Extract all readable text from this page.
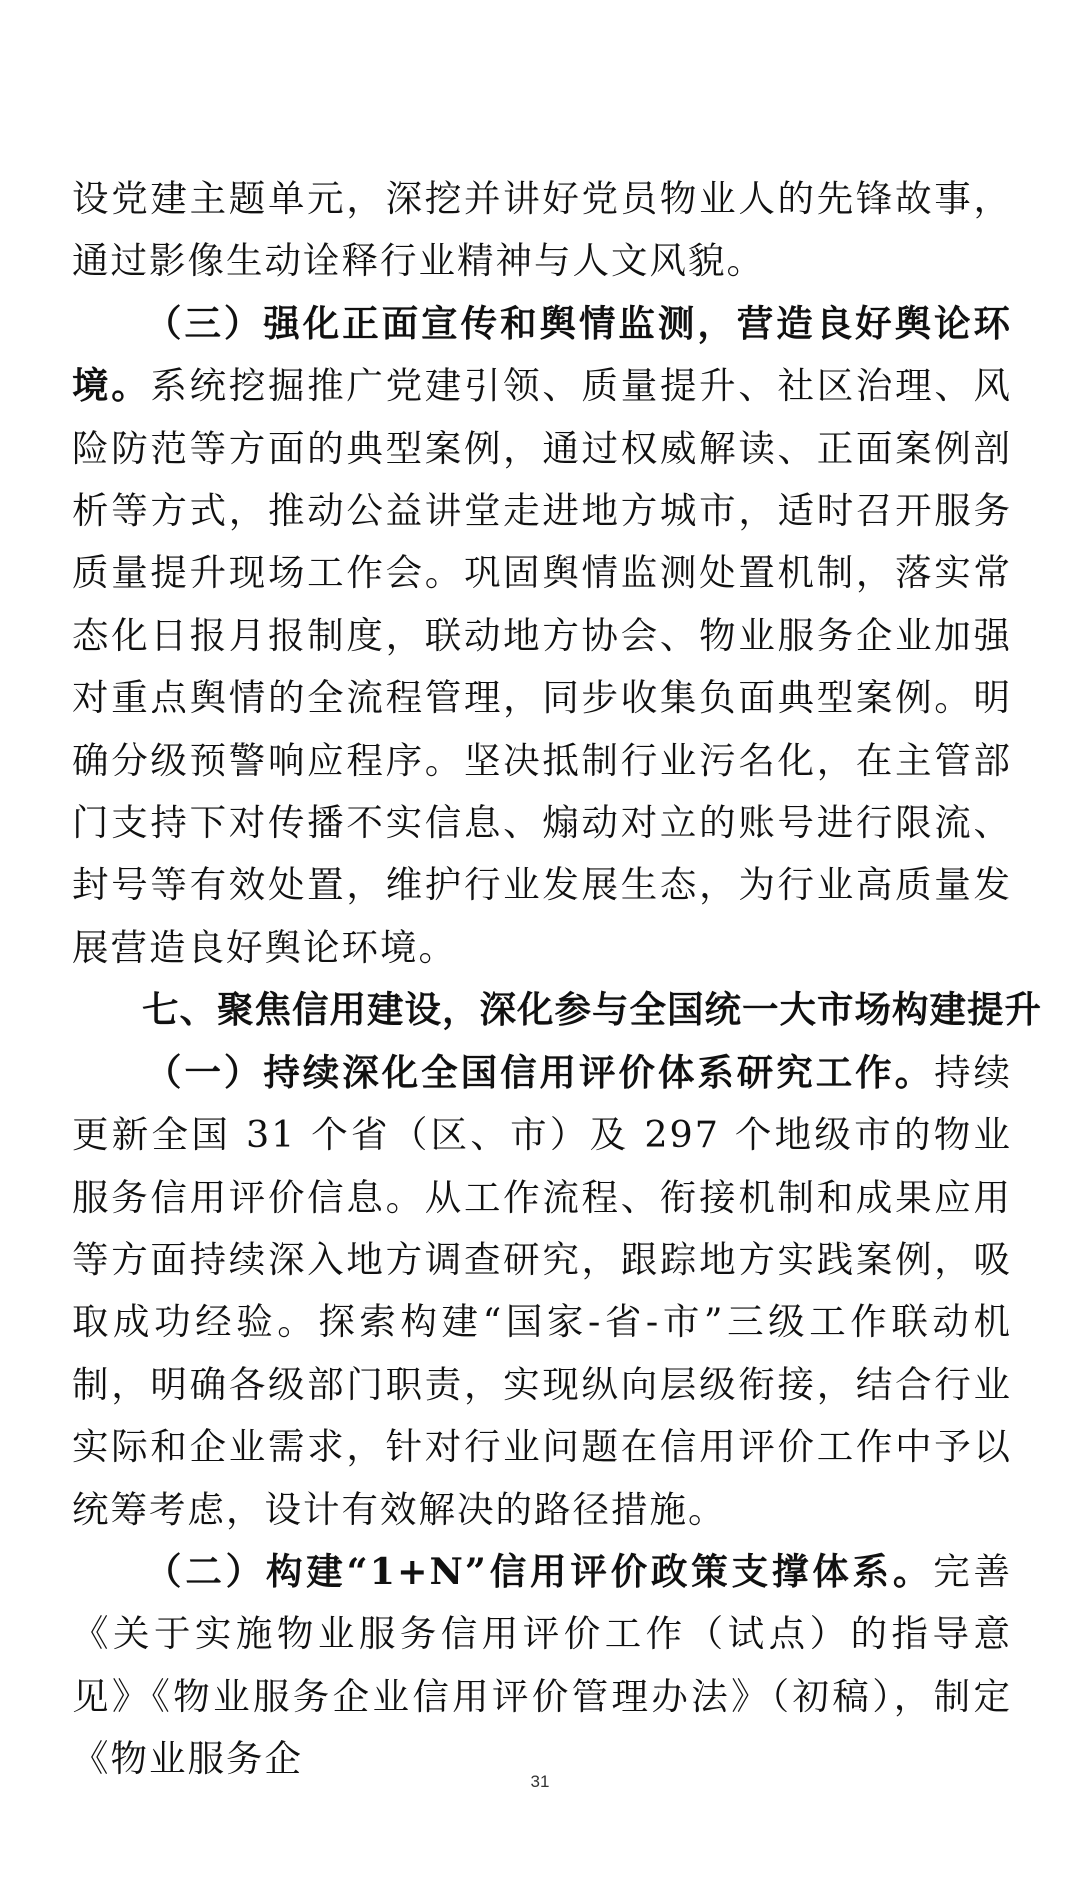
设党建主题单元，深挖并讲好党员物业人的先锋故事，通过影像生动诠释行业精神与人文风貌。

（三）强化正面宣传和舆情监测，营造良好舆论环境。系统挖掘推广党建引领、质量提升、社区治理、风险防范等方面的典型案例，通过权威解读、正面案例剖析等方式，推动公益讲堂走进地方城市，适时召开服务质量提升现场工作会。巩固舆情监测处置机制，落实常态化日报月报制度，联动地方协会、物业服务企业加强对重点舆情的全流程管理，同步收集负面典型案例。明确分级预警响应程序。坚决抵制行业污名化，在主管部门支持下对传播不实信息、煽动对立的账号进行限流、封号等有效处置，维护行业发展生态，为行业高质量发展营造良好舆论环境。

七、聚焦信用建设，深化参与全国统一大市场构建提升

（一）持续深化全国信用评价体系研究工作。持续更新全国 31 个省（区、市）及 297 个地级市的物业服务信用评价信息。从工作流程、衔接机制和成果应用等方面持续深入地方调查研究，跟踪地方实践案例，吸取成功经验。探索构建“国家-省-市”三级工作联动机制，明确各级部门职责，实现纵向层级衔接，结合行业实际和企业需求，针对行业问题在信用评价工作中予以统筹考虑，设计有效解决的路径措施。

（二）构建“1+N”信用评价政策支撑体系。完善《关于实施物业服务信用评价工作（试点）的指导意见》《物业服务企业信用评价管理办法》（初稿），制定《物业服务企

31
